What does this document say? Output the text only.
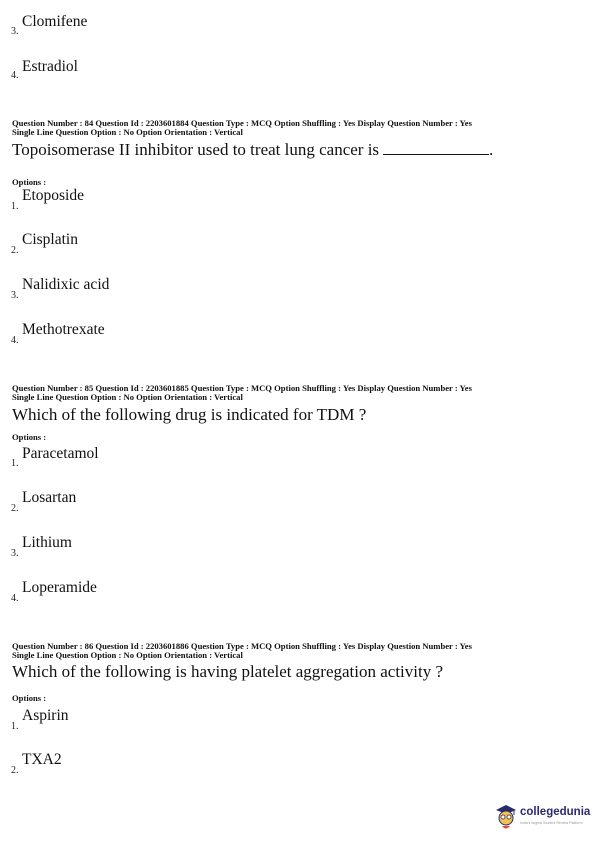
3.
Clomifene
4.
Estradiol
Question Number : 84 Question Id : 2203601884 Question Type : MCQ Option Shuffling : Yes Display Question Number : Yes
Single Line Question Option : No Option Orientation : Vertical
Topoisomerase II inhibitor used to treat lung cancer is	.
Options :
1.
Etoposide
2.
Cisplatin
3.
Nalidixic acid
4.
Methotrexate
Question Number : 85 Question Id : 2203601885 Question Type : MCQ Option Shuffling : Yes Display Question Number : Yes
Single Line Question Option : No Option Orientation : Vertical
Which of the following drug is indicated for TDM ?
Options :
1.
Paracetamol
2.
Losartan
3.
Lithium
4.
Loperamide
Question Number : 86 Question Id : 2203601886 Question Type : MCQ Option Shuffling : Yes Display Question Number : Yes
Single Line Question Option : No Option Orientation : Vertical
Which of the following is having platelet aggregation activity ?
Options :
1.
Aspirin
2.
TXA2
collegedunia
India's largest Student Review Platform
